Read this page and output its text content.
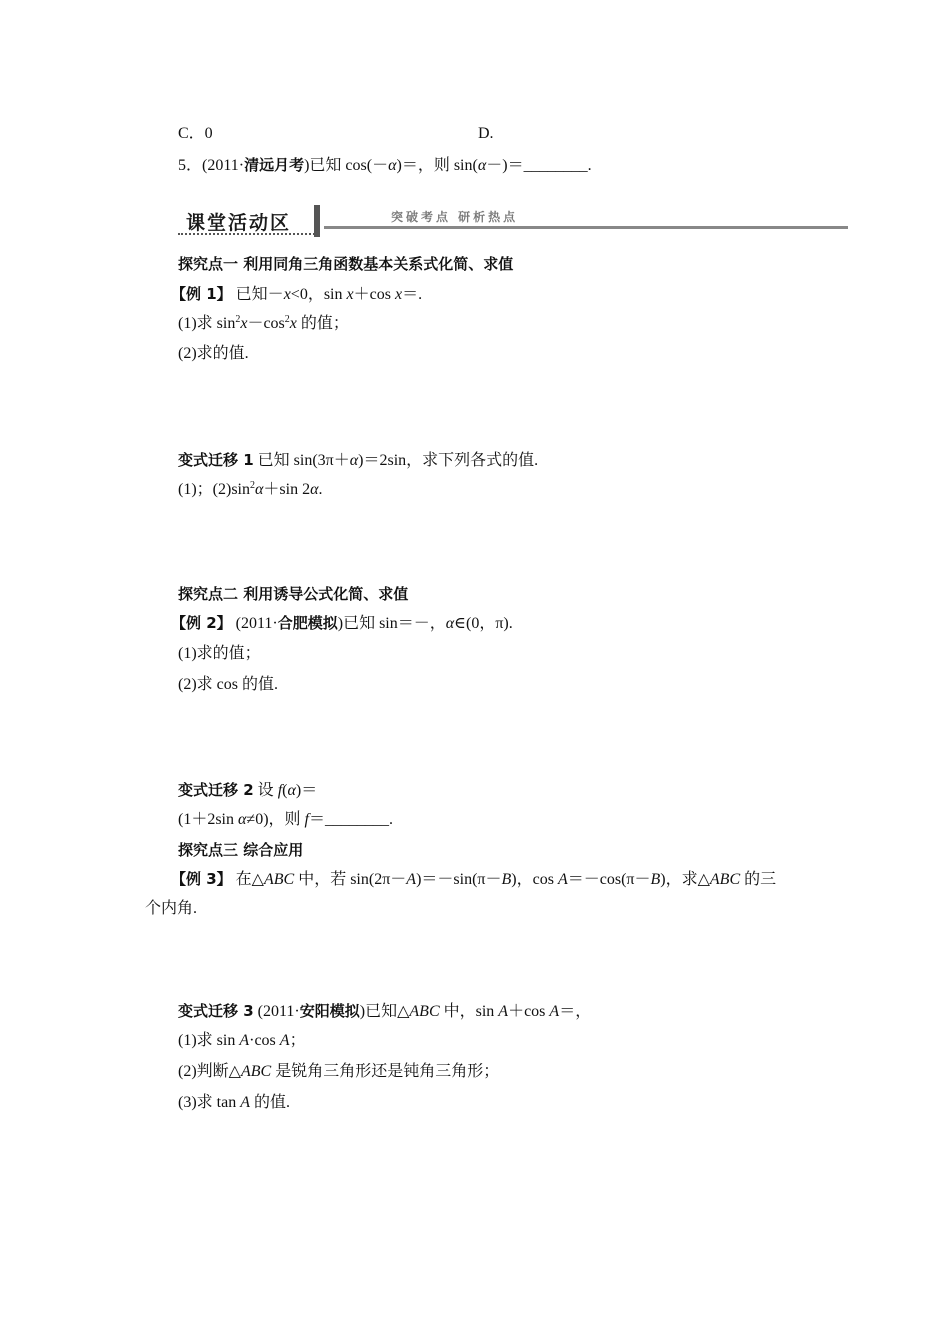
C．0	D.
5．(2011·清远月考)已知 cos(－α)＝，则 sin(α－)＝________.
课堂活动区	突破考点 研析热点
探究点一 利用同角三角函数基本关系式化简、求值
【例 1】 已知－x<0，sin x＋cos x＝.
(1)求 $\sin^2x-\cos^2x$ 的值；
(2)求的值.
变式迁移 1 已知 sin(3π＋α)＝2sin，求下列各式的值.
(1)；$(2)\sin^2\alpha+\sin$ 2α.
探究点二 利用诱导公式化简、求值
【例 2】 (2011·合肥模拟)已知 sin＝－，α∈(0，π).
(1)求的值；
(2)求 cos 的值.
变式迁移 2 设 f(α)＝
(1＋2sin α≠0)，则 f＝________.
探究点三 综合应用
【例 3】 在△ABC 中，若 sin(2π－A)＝－sin(π－B)，cos A＝－cos(π－B)，求△ABC 的三
个内角.
变式迁移 3 (2011·安阳模拟)已知△ABC 中，sin A＋cos A＝，
(1)求 sin A·cos A；
(2)判断△ABC 是锐角三角形还是钝角三角形；
(3)求 tan A 的值.
